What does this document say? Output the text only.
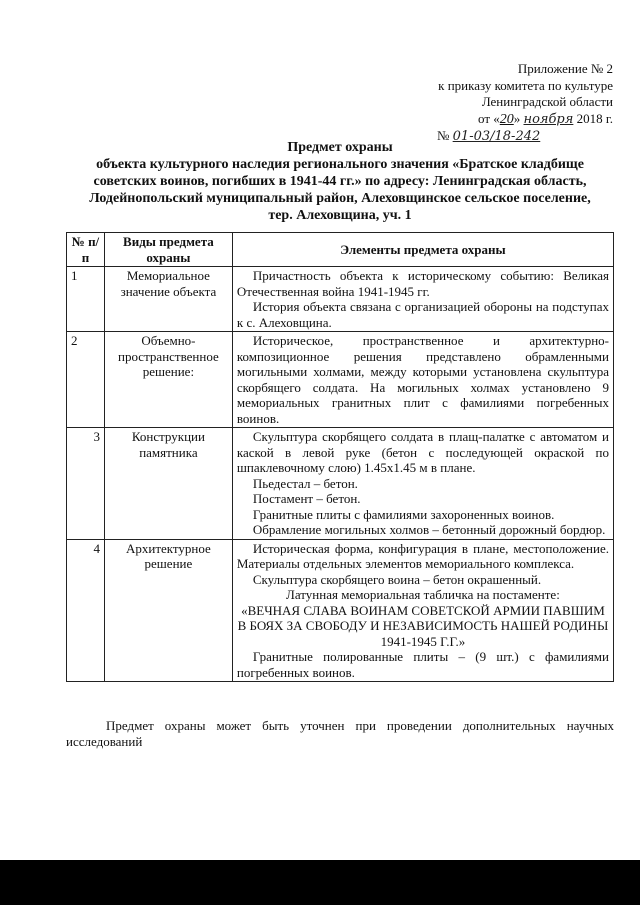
Приложение № 2
к приказу комитета по культуре
Ленинградской области
от «20» ноября 2018 г.
№ 01-03/18-242
Предмет охраны
объекта культурного наследия регионального значения «Братское кладбище
советских воинов, погибших в 1941-44 гг.» по адресу: Ленинградская область,
Лодейнопольский муниципальный район, Алеховщинское сельское поселение,
тер. Алеховщина, уч. 1
№ п/п	Виды предмета охраны	Элементы предмета охраны
1	Мемориальное значение объекта	Причастность объекта к историческому событию: Великая Отечественная война 1941-1945 гг.

История объекта связана с организацией обороны на подступах к с. Алеховщина.

2	Объемно-пространственное решение:	Историческое, пространственное и архитектурно-композиционное решения представлено обрамленными могильными холмами, между которыми установлена скульптура скорбящего солдата. На могильных холмах установлено 9 мемориальных гранитных плит с фамилиями погребенных воинов.

3	Конструкции памятника	Скульптура скорбящего солдата в плащ-палатке с автоматом и каской в левой руке (бетон с последующей окраской по шпаклевочному слою) 1.45х1.45 м в плане.

Пьедестал – бетон.

Постамент – бетон.

Гранитные плиты с фамилиями захороненных воинов.

Обрамление могильных холмов – бетонный дорожный бордюр.

4	Архитектурное решение	Историческая форма, конфигурация в плане, местоположение. Материалы отдельных элементов мемориального комплекса.

Скульптура скорбящего воина – бетон окрашенный.

Латунная мемориальная табличка на постаменте:

«ВЕЧНАЯ СЛАВА ВОИНАМ СОВЕТСКОЙ АРМИИ ПАВШИМ В БОЯХ ЗА СВОБОДУ И НЕЗАВИСИМОСТЬ НАШЕЙ РОДИНЫ 1941-1945 Г.Г.»

Гранитные полированные плиты – (9 шт.) с фамилиями погребенных воинов.

Предмет охраны может быть уточнен при проведении дополнительных научных исследований
